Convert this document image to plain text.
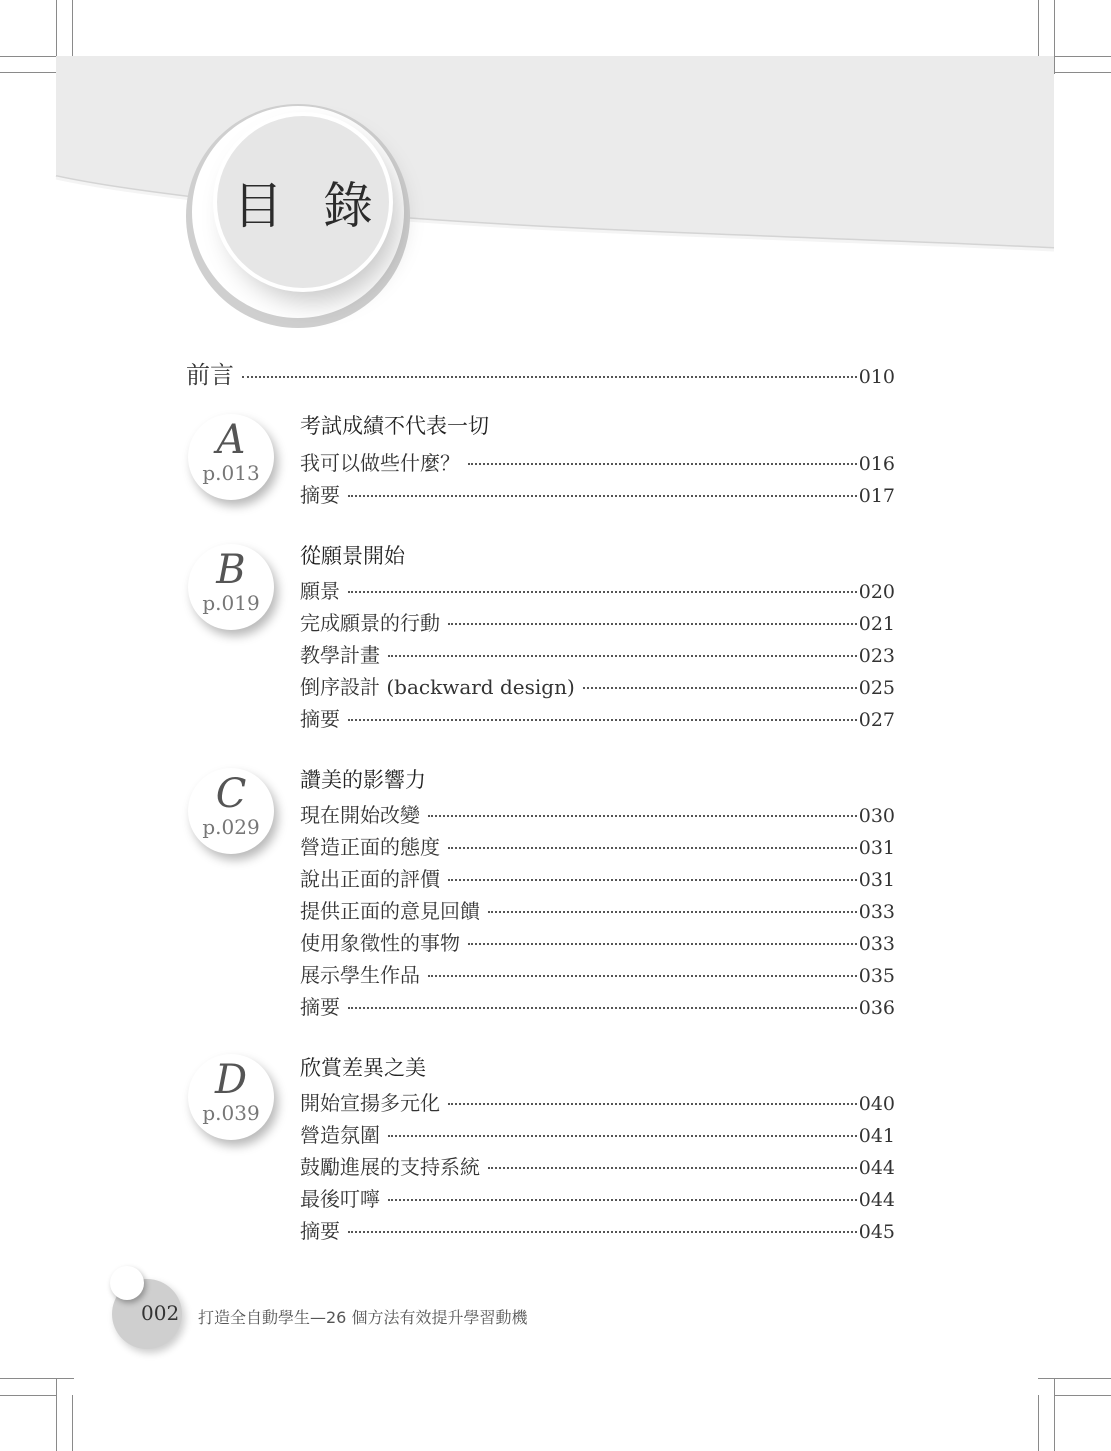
目 錄
前言	010
A
p.013
考試成績不代表一切
我可以做些什麼？	016
摘要	017
B
p.019
從願景開始
願景	020
完成願景的行動	021
教學計畫	023
倒序設計 (backward design)	025
摘要	027
C
p.029
讚美的影響力
現在開始改變	030
營造正面的態度	031
說出正面的評價	031
提供正面的意見回饋	033
使用象徵性的事物	033
展示學生作品	035
摘要	036
D
p.039
欣賞差異之美
開始宣揚多元化	040
營造氛圍	041
鼓勵進展的支持系統	044
最後叮嚀	044
摘要	045
002 打造全自動學生—26 個方法有效提升學習動機
